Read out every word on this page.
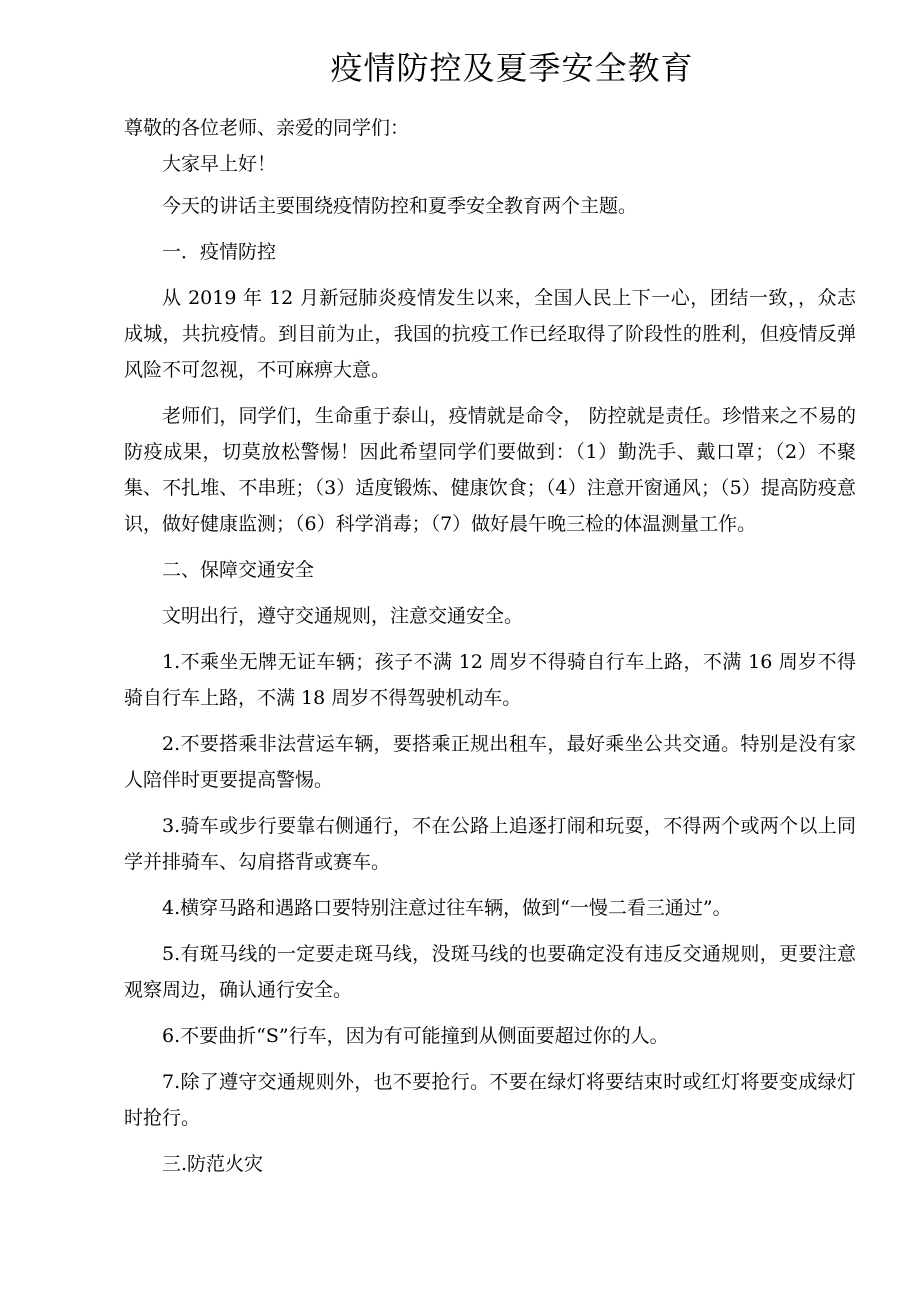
疫情防控及夏季安全教育

尊敬的各位老师、亲爱的同学们：

大家早上好！

今天的讲话主要围绕疫情防控和夏季安全教育两个主题。

一．疫情防控

从 2019 年 12 月新冠肺炎疫情发生以来，全国人民上下一心，团结一致，，众志成城，共抗疫情。到目前为止，我国的抗疫工作已经取得了阶段性的胜利，但疫情反弹风险不可忽视，不可麻痹大意。

老师们，同学们，生命重于泰山，疫情就是命令， 防控就是责任。珍惜来之不易的防疫成果，切莫放松警惕！因此希望同学们要做到：（1）勤洗手、戴口罩；（2）不聚集、不扎堆、不串班；（3）适度锻炼、健康饮食；（4）注意开窗通风；（5）提高防疫意识，做好健康监测；（6）科学消毒；（7）做好晨午晚三检的体温测量工作。

二、保障交通安全

文明出行，遵守交通规则，注意交通安全。

1.不乘坐无牌无证车辆；孩子不满 12 周岁不得骑自行车上路，不满 16 周岁不得骑自行车上路，不满 18 周岁不得驾驶机动车。

2.不要搭乘非法营运车辆，要搭乘正规出租车，最好乘坐公共交通。特别是没有家人陪伴时更要提高警惕。

3.骑车或步行要靠右侧通行，不在公路上追逐打闹和玩耍，不得两个或两个以上同学并排骑车、勾肩搭背或赛车。

4.横穿马路和遇路口要特别注意过往车辆，做到“一慢二看三通过”。

5.有斑马线的一定要走斑马线，没斑马线的也要确定没有违反交通规则，更要注意观察周边，确认通行安全。

6.不要曲折“S”行车，因为有可能撞到从侧面要超过你的人。

7.除了遵守交通规则外，也不要抢行。不要在绿灯将要结束时或红灯将要变成绿灯时抢行。

三.防范火灾
